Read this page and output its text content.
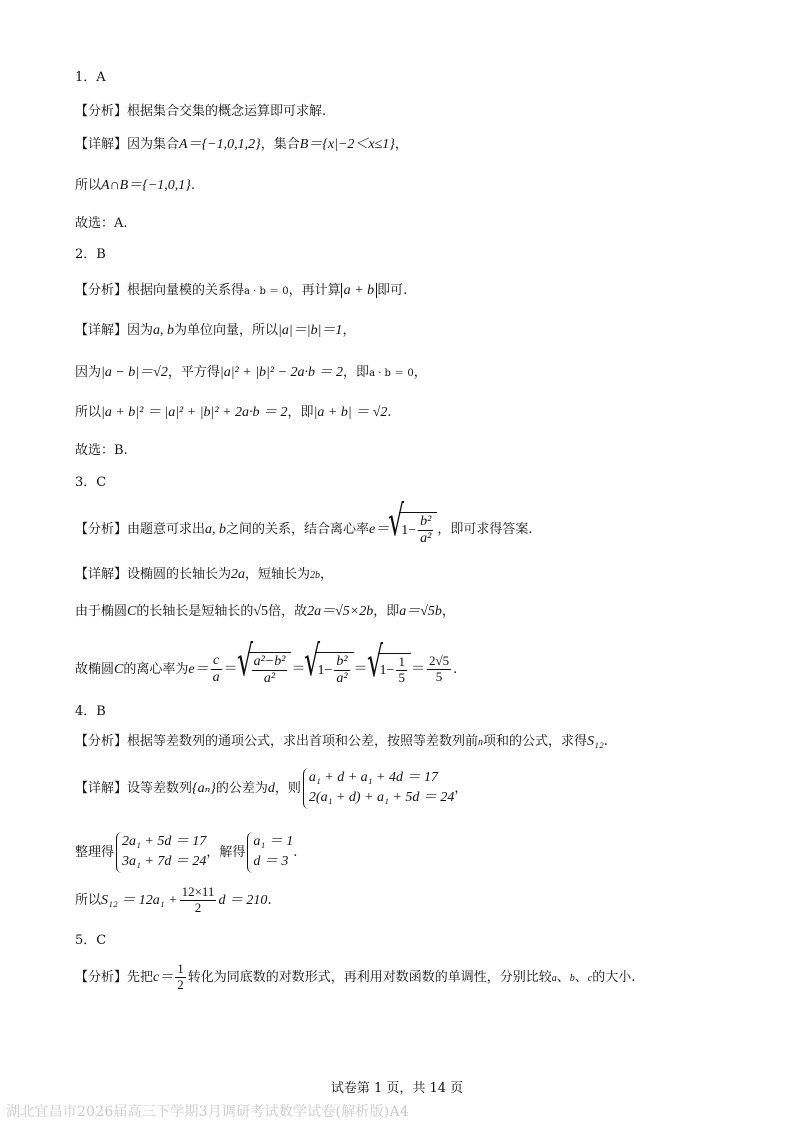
1．A
【分析】根据集合交集的概念运算即可求解.
【详解】因为集合A＝{−1,0,1,2}，集合B＝{x|−2＜x≤1}，
所以A∩B＝{−1,0,1}.
故选：A.
2．B
【分析】根据向量模的关系得a · b ＝ 0，再计算 a + b 即可.
【详解】因为a, b为单位向量，所以|a|＝|b|＝1，
因为|a − b|＝√2，平方得|a|² + |b|² − 2a·b ＝ 2，即a · b ＝ 0，
所以|a + b|² ＝ |a|² + |b|² + 2a·b ＝ 2，即|a + b| ＝ √2.
故选：B.
3．C
【分析】由题意可求出a, b之间的关系，结合离心率e＝ √ $1- \frac{\text{b²}}{\text{a²}}$ ，即可求得答案.
【详解】设椭圆的长轴长为2a，短轴长为2b，
由于椭圆C的长轴长是短轴长的√5倍，故2a＝√5×2b，即a＝√5b，
故椭圆C的离心率为$e= \frac{c}{a}$ ＝ √ $\frac{\text{a²−b²}}{\text{a²}}$ ＝ √ $1- \frac{\text{b²}}{\text{a²}}$ ＝ √ $1- \frac{1}{5} = \frac{2√5}{5}$ .
4．B
【分析】根据等差数列的通项公式，求出首项和公差，按照等差数列前n项和的公式，求得S₁₂.
【详解】设等差数列{aₙ}的公差为d，则a₁ + d + a₁ + 4d ＝ 17
2(a₁ + d) + a₁ + 5d ＝ 24，
整理得2a₁ + 5d ＝ 17
3a₁ + 7d ＝ 24，解得a₁ ＝ 1
d ＝ 3.
所以$S_{12} = 12a_1 + \frac{12\times 11}{2}$ d ＝ 210.
5．C
【分析】先把$c= \frac{1}{2}$ 转化为同底数的对数形式，再利用对数函数的单调性，分别比较a、b、c的大小.
试卷第 1 页，共 14 页
湖北宜昌市2026届高三下学期3月调研考试数学试卷(解析版)A4
